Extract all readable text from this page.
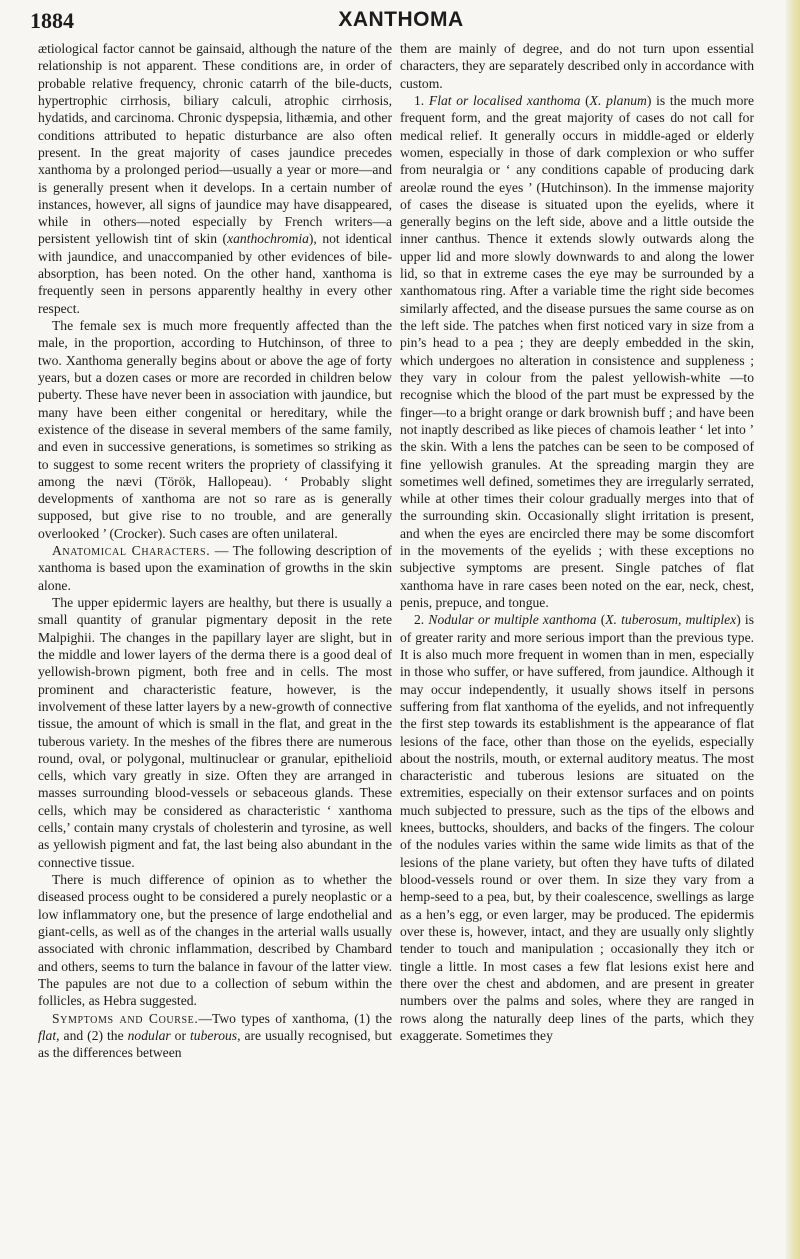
1884	XANTHOMA

ætiological factor cannot be gainsaid, although the nature of the relationship is not apparent. These conditions are, in order of probable relative frequency, chronic catarrh of the bile-ducts, hypertrophic cirrhosis, biliary calculi, atrophic cirrhosis, hydatids, and carcinoma. Chronic dyspepsia, lithæmia, and other conditions attributed to hepatic disturbance are also often present. In the great majority of cases jaundice precedes xanthoma by a prolonged period—usually a year or more—and is generally present when it develops. In a certain number of instances, however, all signs of jaundice may have disappeared, while in others—noted especially by French writers—a persistent yellowish tint of skin (xanthochromia), not identical with jaundice, and unaccompanied by other evidences of bile-absorption, has been noted. On the other hand, xanthoma is frequently seen in persons apparently healthy in every other respect.

The female sex is much more frequently affected than the male, in the proportion, according to Hutchinson, of three to two. Xanthoma generally begins about or above the age of forty years, but a dozen cases or more are recorded in children below puberty. These have never been in association with jaundice, but many have been either congenital or hereditary, while the existence of the disease in several members of the same family, and even in successive generations, is sometimes so striking as to suggest to some recent writers the propriety of classifying it among the nævi (Török, Hallopeau). ‘ Probably slight developments of xanthoma are not so rare as is generally supposed, but give rise to no trouble, and are generally overlooked ’ (Crocker). Such cases are often unilateral.

Anatomical Characters. — The following description of xanthoma is based upon the examination of growths in the skin alone.

The upper epidermic layers are healthy, but there is usually a small quantity of granular pigmentary deposit in the rete Malpighii. The changes in the papillary layer are slight, but in the middle and lower layers of the derma there is a good deal of yellowish-brown pigment, both free and in cells. The most prominent and characteristic feature, however, is the involvement of these latter layers by a new-growth of connective tissue, the amount of which is small in the flat, and great in the tuberous variety. In the meshes of the fibres there are numerous round, oval, or polygonal, multinuclear or granular, epithelioid cells, which vary greatly in size. Often they are arranged in masses surrounding blood-vessels or sebaceous glands. These cells, which may be considered as characteristic ‘ xanthoma cells,’ contain many crystals of cholesterin and tyrosine, as well as yellowish pigment and fat, the last being also abundant in the connective tissue.

There is much difference of opinion as to whether the diseased process ought to be considered a purely neoplastic or a low inflammatory one, but the presence of large endothelial and giant-cells, as well as of the changes in the arterial walls usually associated with chronic inflammation, described by Chambard and others, seems to turn the balance in favour of the latter view. The papules are not due to a collection of sebum within the follicles, as Hebra suggested.

Symptoms and Course.—Two types of xanthoma, (1) the flat, and (2) the nodular or tuberous, are usually recognised, but as the differences between

them are mainly of degree, and do not turn upon essential characters, they are separately described only in accordance with custom.

1. Flat or localised xanthoma (X. planum) is the much more frequent form, and the great majority of cases do not call for medical relief. It generally occurs in middle-aged or elderly women, especially in those of dark complexion or who suffer from neuralgia or ‘ any conditions capable of producing dark areolæ round the eyes ’ (Hutchinson). In the immense majority of cases the disease is situated upon the eyelids, where it generally begins on the left side, above and a little outside the inner canthus. Thence it extends slowly outwards along the upper lid and more slowly downwards to and along the lower lid, so that in extreme cases the eye may be surrounded by a xanthomatous ring. After a variable time the right side becomes similarly affected, and the disease pursues the same course as on the left side. The patches when first noticed vary in size from a pin’s head to a pea ; they are deeply embedded in the skin, which undergoes no alteration in consistence and suppleness ; they vary in colour from the palest yellowish-white —to recognise which the blood of the part must be expressed by the finger—to a bright orange or dark brownish buff ; and have been not inaptly described as like pieces of chamois leather ‘ let into ’ the skin. With a lens the patches can be seen to be composed of fine yellowish granules. At the spreading margin they are sometimes well defined, sometimes they are irregularly serrated, while at other times their colour gradually merges into that of the surrounding skin. Occasionally slight irritation is present, and when the eyes are encircled there may be some discomfort in the movements of the eyelids ; with these exceptions no subjective symptoms are present. Single patches of flat xanthoma have in rare cases been noted on the ear, neck, chest, penis, prepuce, and tongue.

2. Nodular or multiple xanthoma (X. tuberosum, multiplex) is of greater rarity and more serious import than the previous type. It is also much more frequent in women than in men, especially in those who suffer, or have suffered, from jaundice. Although it may occur independently, it usually shows itself in persons suffering from flat xanthoma of the eyelids, and not infrequently the first step towards its establishment is the appearance of flat lesions of the face, other than those on the eyelids, especially about the nostrils, mouth, or external auditory meatus. The most characteristic and tuberous lesions are situated on the extremities, especially on their extensor surfaces and on points much subjected to pressure, such as the tips of the elbows and knees, buttocks, shoulders, and backs of the fingers. The colour of the nodules varies within the same wide limits as that of the lesions of the plane variety, but often they have tufts of dilated blood-vessels round or over them. In size they vary from a hemp-seed to a pea, but, by their coalescence, swellings as large as a hen’s egg, or even larger, may be produced. The epidermis over these is, however, intact, and they are usually only slightly tender to touch and manipulation ; occasionally they itch or tingle a little. In most cases a few flat lesions exist here and there over the chest and abdomen, and are present in greater numbers over the palms and soles, where they are ranged in rows along the naturally deep lines of the parts, which they exaggerate. Sometimes they
